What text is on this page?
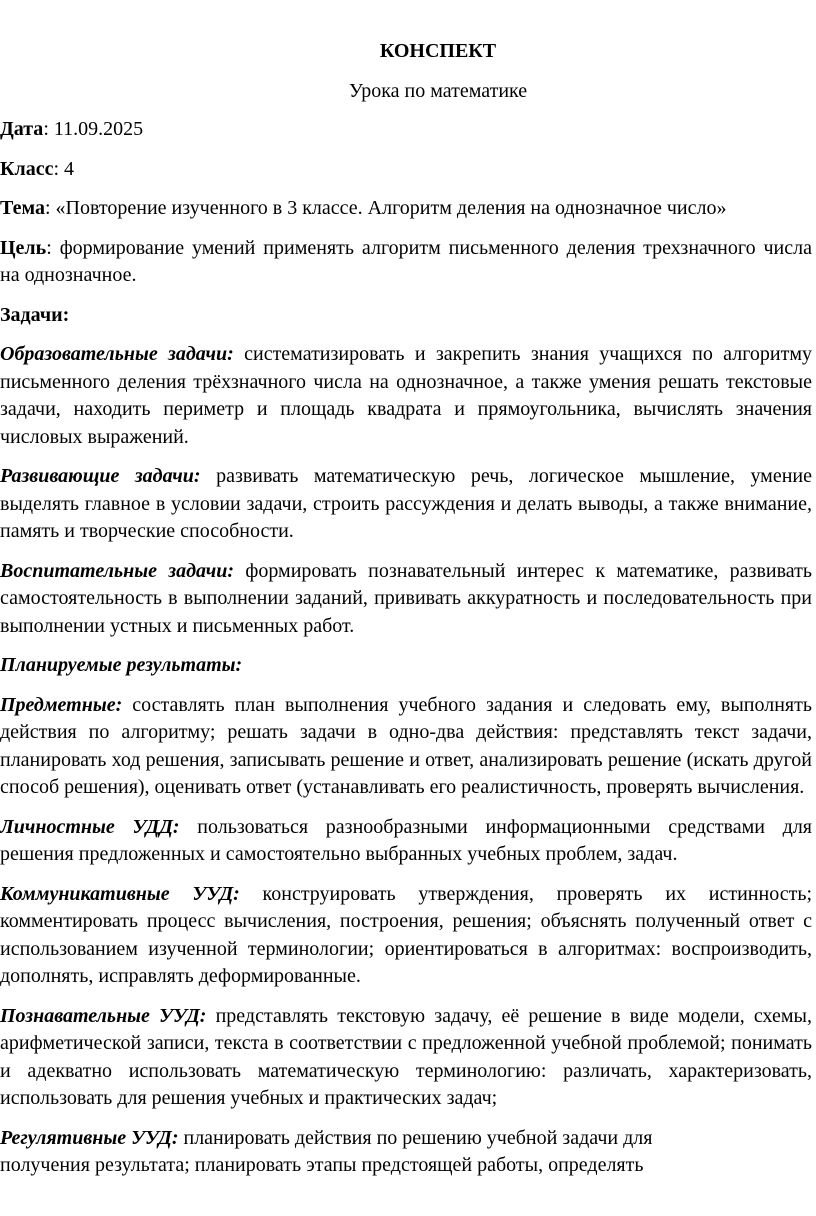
КОНСПЕКТ
Урока по математике
Дата: 11.09.2025
Класс: 4
Тема: «Повторение изученного в 3 классе. Алгоритм деления на однозначное число»
Цель: формирование умений применять алгоритм письменного деления трехзначного числа на однозначное.
Задачи:
Образовательные задачи: систематизировать и закрепить знания учащихся по алгоритму письменного деления трёхзначного числа на однозначное, а также умения решать текстовые задачи, находить периметр и площадь квадрата и прямоугольника, вычислять значения числовых выражений.
Развивающие задачи: развивать математическую речь, логическое мышление, умение выделять главное в условии задачи, строить рассуждения и делать выводы, а также внимание, память и творческие способности.
Воспитательные задачи: формировать познавательный интерес к математике, развивать самостоятельность в выполнении заданий, прививать аккуратность и последовательность при выполнении устных и письменных работ.
Планируемые результаты:
Предметные: составлять план выполнения учебного задания и следовать ему, выполнять действия по алгоритму; решать задачи в одно-два действия: представлять текст задачи, планировать ход решения, записывать решение и ответ, анализировать решение (искать другой способ решения), оценивать ответ (устанавливать его реалистичность, проверять вычисления.
Личностные УДД: пользоваться разнообразными информационными средствами для решения предложенных и самостоятельно выбранных учебных проблем, задач.
Коммуникативные УУД: конструировать утверждения, проверять их истинность; комментировать процесс вычисления, построения, решения; объяснять полученный ответ с использованием изученной терминологии; ориентироваться в алгоритмах: воспроизводить, дополнять, исправлять деформированные.
Познавательные УУД: представлять текстовую задачу, её решение в виде модели, схемы, арифметической записи, текста в соответствии с предложенной учебной проблемой; понимать и адекватно использовать математическую терминологию: различать, характеризовать, использовать для решения учебных и практических задач;
Регулятивные УУД: планировать действия по решению учебной задачи для получения результата; планировать этапы предстоящей работы, определять
